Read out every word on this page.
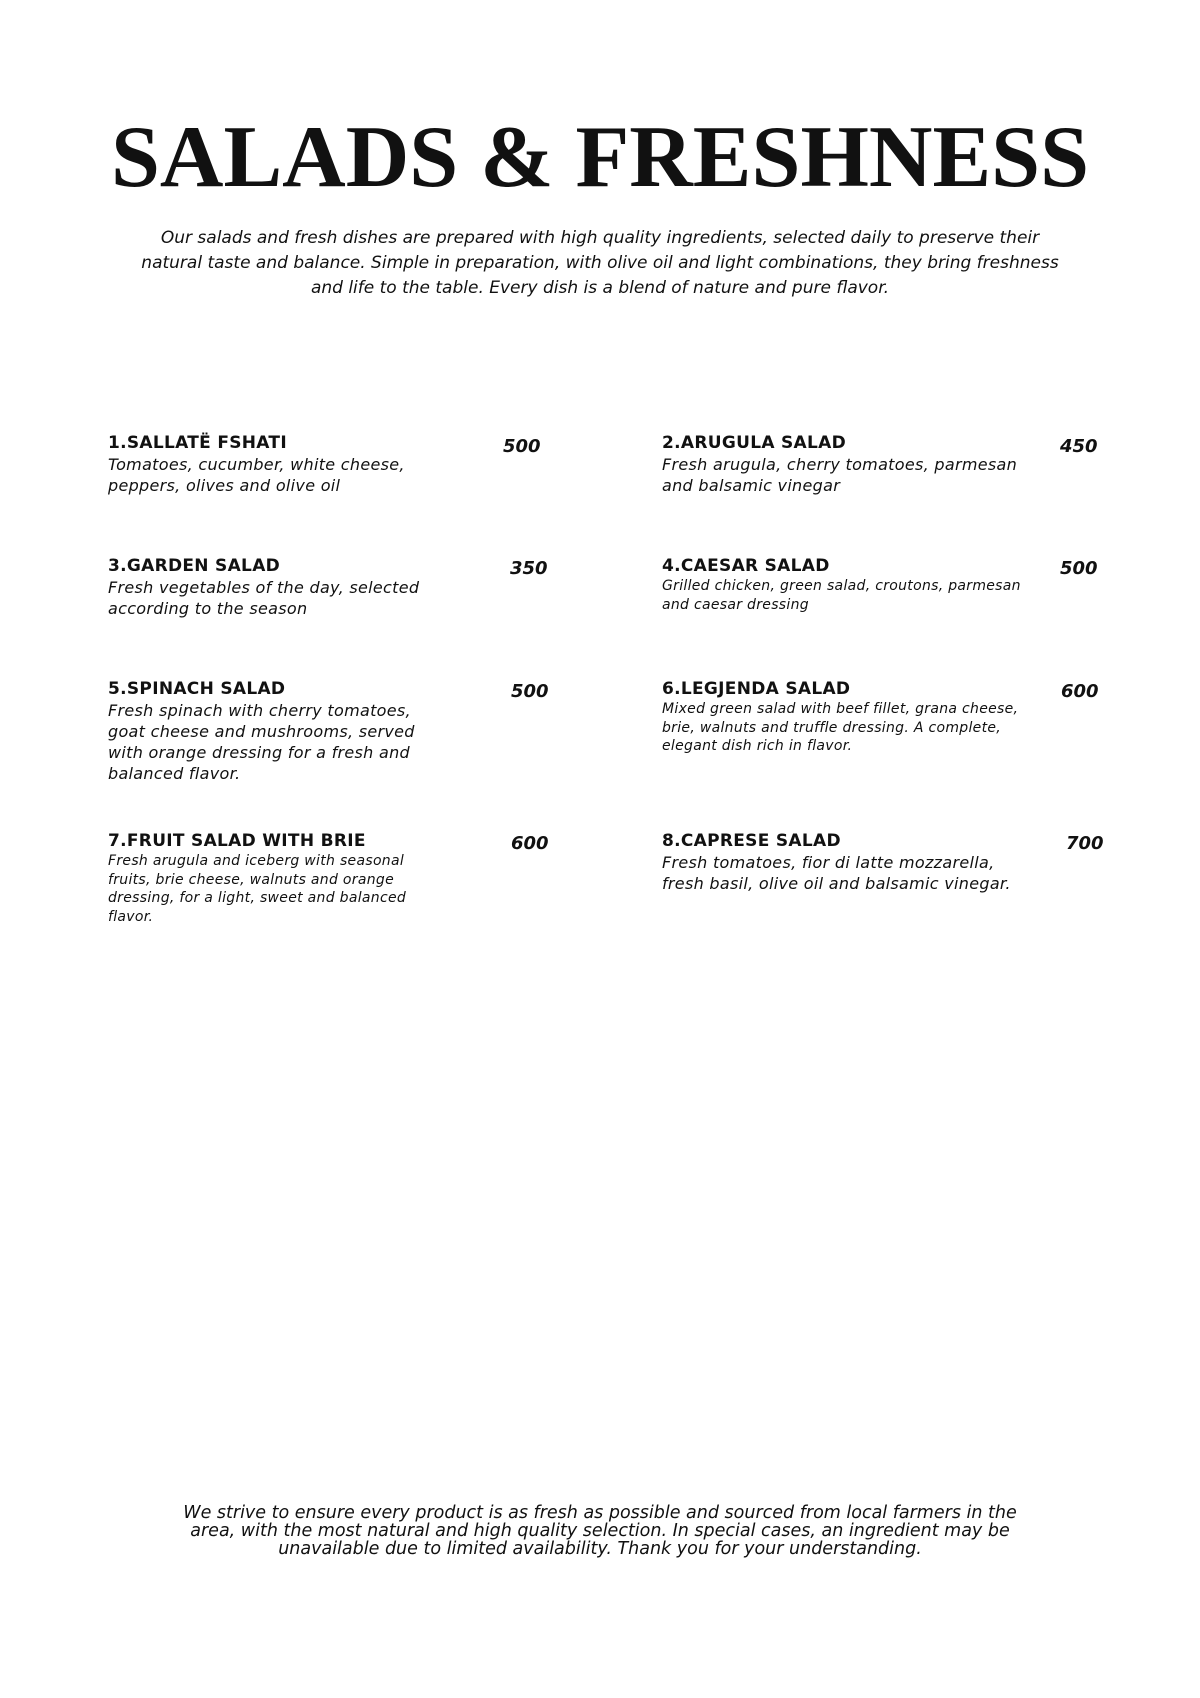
SALADS & FRESHNESS

Our salads and fresh dishes are prepared with high quality ingredients, selected daily to preserve their natural taste and balance. Simple in preparation, with olive oil and light combinations, they bring freshness and life to the table. Every dish is a blend of nature and pure flavor.

1.SALLATË FSHATI

Tomatoes, cucumber, white cheese, peppers, olives and olive oil

500	2.ARUGULA SALAD

Fresh arugula, cherry tomatoes, parmesan and balsamic vinegar

450

3.GARDEN SALAD

Fresh vegetables of the day, selected according to the season

350	4.CAESAR SALAD

Grilled chicken, green salad, croutons, parmesan and caesar dressing

500

5.SPINACH SALAD

Fresh spinach with cherry tomatoes, goat cheese and mushrooms, served with orange dressing for a fresh and balanced flavor.

500	6.LEGJENDA SALAD

Mixed green salad with beef fillet, grana cheese, brie, walnuts and truffle dressing. A complete, elegant dish rich in flavor.

600

7.FRUIT SALAD WITH BRIE

Fresh arugula and iceberg with seasonal fruits, brie cheese, walnuts and orange dressing, for a light, sweet and balanced flavor.

600	8.CAPRESE SALAD

Fresh tomatoes, fior di latte mozzarella, fresh basil, olive oil and balsamic vinegar.

700

We strive to ensure every product is as fresh as possible and sourced from local farmers in the area, with the most natural and high quality selection. In special cases, an ingredient may be unavailable due to limited availability. Thank you for your understanding.
